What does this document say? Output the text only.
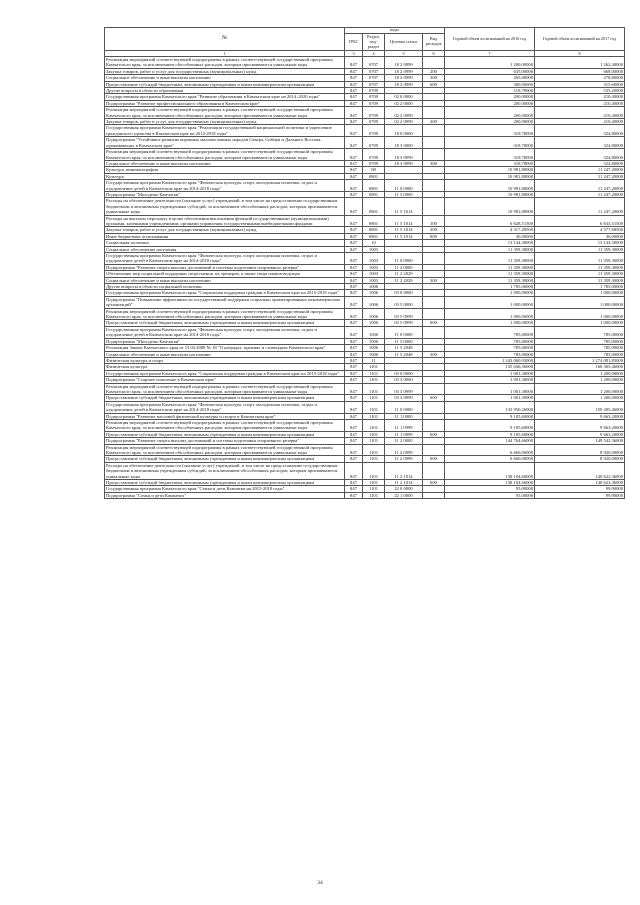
№	коды				Годовой объем ассигнований на 2016 год	Годовой объем ассигнований на 2017 год
	ГРБС	Раздел, под-раздел	Целевая статья	Вид расходов		
1	3	4	5	6	7	8
Реализация мероприятий соответствующей подпрограммы в рамках соответствующей государственной программы Камчатского края, за исключением обособленных расходов, которым присваиваются уникальные коды	847	0707	18 2 0999		1 200,00000	1 262,40000
Закупка товаров, работ и услуг для государственных (муниципальных) нужд	847	0707	18 2 0999	200	635,00000	668,00000
Социальное обеспечение и иные выплаты населению	847	0707	18 2 0999	300	265,00000	278,80000
Предоставление субсидий бюджетным, автономным учреждениям и иным некоммерческим организациям	847	0707	18 2 0999	600	300,00000	315,60000
Другие вопросы в области образования	847	0709			518,78000	535,20000
Государственная программа Камчатского края "Развитие образования в Камчатском крае на 2014–2020 годы"	847	0709	02 0 0000		200,00000	210,40000
Подпрограмма "Развитие профессионального образования в Камчатском крае"	847	0709	02 2 0000		200,00000	210,40000
Реализация мероприятий соответствующей подпрограммы в рамках соответствующей государственной программы Камчатского края, за исключением обособленных расходов, которым присваиваются уникальные коды	847	0709	02 2 0999		200,00000	210,40000
Закупка товаров, работ и услуг для государственных (муниципальных) нужд	847	0709	02 2 0999	200	200,00000	210,40000
Государственная программа Камчатского края "Реализация государственной национальной политики и укрепление гражданского единства в Камчатском крае на 2014-2018 годы"	847	0709	18 0 0000		318,78000	324,80000
Подпрограмма "Устойчивое развитие коренных малочисленных народов Севера, Сибири и Дальнего Востока, проживающих в Камчатском крае"	847	0709	18 3 0000		318,78000	324,80000
Реализация мероприятий соответствующей подпрограммы в рамках соответствующей государственной программы Камчатского края, за исключением обособленных расходов, которым присваиваются уникальные коды	847	0709	18 3 0999		318,78000	324,80000
Социальное обеспечение и иные выплаты населению	847	0709	18 3 0999	300	318,78000	324,80000
Культура, кинематография	847	08			10 981,80000	11 247,20000
Культура	847	0801			10 981,80000	11 247,20000
Государственная программа Камчатского края "Физическая культура, спорт, молодежная политика, отдых и оздоровление детей в Камчатском крае на 2014-2018 годы"	847	0801	11 0 0000		10 981,80000	11 247,20000
Подпрограмма "Молодежь Камчатки"	847	0801	11 5 0000		10 981,80000	11 247,20000
Расходы на обеспечение деятельности (оказание услуг) учреждений, в том числе на предоставление государственным бюджетным и автономным учреждениям субсидий, за исключением обособленных расходов, которым присваиваются уникальные коды	847	0801	11 5 1014		10 981,80000	11 247,20000
Расходы на выплаты персоналу в целях обеспечения выполнения функций государственными (муниципальными) органами, казенными учреждениями, органами управления государственными внебюджетными фондами	847	0801	11 5 1014	100	6 628,51500	6 633,51500
Закупка товаров, работ и услуг для государственных (муниципальных) нужд	847	0801	11 5 1014	200	4 317,28500	4 577,68500
Иные бюджетные ассигнования	847	0801	11 5 1014	800	36,00000	36,00000
Социальная политика	847	10			13 144,30000	13 144,30000
Социальное обеспечение населения	847	1003			11 359,30000	11 359,30000
Государственная программа Камчатского края "Физическая культура, спорт, молодежная политика, отдых и оздоровление детей в Камчатском крае на 2014-2018 годы"	847	1003	11 0 0000		11 359,30000	11 359,30000
Подпрограмма "Развитие спорта высших достижений и системы подготовки спортивного резерва"	847	1003	11 2 0000		11 359,30000	11 359,30000
Обеспечение мер социальной поддержки спортсменов, их тренеров, а также спортсменов-ведущих	847	1003	11 2 2029		11 359,30000	11 359,30000
Социальное обеспечение и иные выплаты населению	847	1003	11 2 2029	300	11 359,30000	11 359,30000
Другие вопросы в области социальной политики	847	1006			1 785,00000	1 785,00000
Государственная программа Камчатского края "Социальная поддержка граждан в Камчатском крае на 2015-2018 годы"	847	1006	03 0 0000		1 000,00000	1 000,00000
Подпрограмма "Повышение эффективности государственной поддержки социально ориентированных некоммерческих организаций"	847	1006	03 5 0000		1 000,00000	1 000,00000
Реализация мероприятий соответствующей подпрограммы в рамках соответствующей государственной программы Камчатского края, за исключением обособленных расходов, которым присваиваются уникальные коды	847	1006	03 5 0999		1 000,00000	1 000,00000
Предоставление субсидий бюджетным, автономным учреждениям и иным некоммерческим организациям	847	1006	03 5 0999	600	1 000,00000	1 000,00000
Государственная программа Камчатского края "Физическая культура, спорт, молодежная политика, отдых и оздоровление детей в Камчатском крае на 2014-2018 годы"	847	1006	11 0 0000		785,00000	785,00000
Подпрограмма "Молодежь Камчатки"	847	1006	11 5 0000		785,00000	785,00000
Реализация Закона Камчатского края от 13.03.2008 № 18 "О наградах, премиях и стипендиях Камчатского края"	847	1006	11 5 2048		785,00000	785,00000
Социальное обеспечение и иные выплаты населению	847	1006	11 5 2048	300	785,00000	785,00000
Физическая культура и спорт	847	11			1 243 060,93000	1 274 081,83000
Физическая культура	847	1101			135 046,56000	160 305,46000
Государственная программа Камчатского края "Социальная поддержка граждан в Камчатском крае на 2015-2018 годы"	847	1101	03 0 0000		1 001,30000	1 200,00000
Подпрограмма "Старшее поколение в Камчатском крае"	847	1101	03 3 0000		1 001,30000	1 200,00000
Реализация мероприятий соответствующей подпрограммы в рамках соответствующей государственной программы Камчатского края, за исключением обособленных расходов, которым присваиваются уникальные коды	847	1101	03 3 0999		1 001,30000	1 200,00000
Предоставление субсидий бюджетным, автономным учреждениям и иным некоммерческим организациям	847	1101	03 3 0999	600	1 001,30000	1 200,00000
Государственная программа Камчатского края "Физическая культура, спорт, молодежная политика, отдых и оздоровление детей в Камчатском крае на 2014-2018 годы"	847	1101	11 0 0000		133 950,26000	159 205,46000
Подпрограмма "Развитие массовой физической культуры и спорта в Камчатском крае"	847	1101	11 1 0000		9 185,60000	9 663,20000
Реализация мероприятий соответствующей подпрограммы в рамках соответствующей государственной программы Камчатского края, за исключением обособленных расходов, которым присваиваются уникальные коды	847	1101	11 1 0999		9 185,60000	9 663,20000
Предоставление субсидий бюджетным, автономным учреждениям и иным некоммерческим организациям	847	1101	11 1 0999	600	9 185,60000	9 663,20000
Подпрограмма "Развитие спорта высших достижений и системы подготовки спортивного резерва"	847	1101	11 2 0000		144 764,66000	149 542,36000
Реализация мероприятий соответствующей подпрограммы в рамках соответствующей государственной программы Камчатского края, за исключением обособленных расходов, которым присваиваются уникальные коды	847	1101	11 2 0999		6 660,00000	8 920,00000
Предоставление субсидий бюджетным, автономным учреждениям и иным некоммерческим организациям	847	1101	11 2 0999	600	6 660,00000	8 920,00000
Расходы на обеспечение деятельности (оказание услуг) учреждений, в том числе на предоставление государственным бюджетным и автономным учреждениям субсидий, за исключением обособленных расходов, которым присваиваются уникальные коды	847	1101	11 2 1014		138 104,66000	140 622,36000
Предоставление субсидий бюджетным, автономным учреждениям и иным некоммерческим организациям	847	1101	11 2 1014	600	138 104,66000	140 622,36000
Государственная программа Камчатского края "Семья и дети Камчатки на 2015-2018 годы"	847	1101	22 0 0000		95,00000	99,90000
Подпрограмма "Семья и дети Камчатки"	847	1101	22 1 0000		95,00000	99,90000
34
